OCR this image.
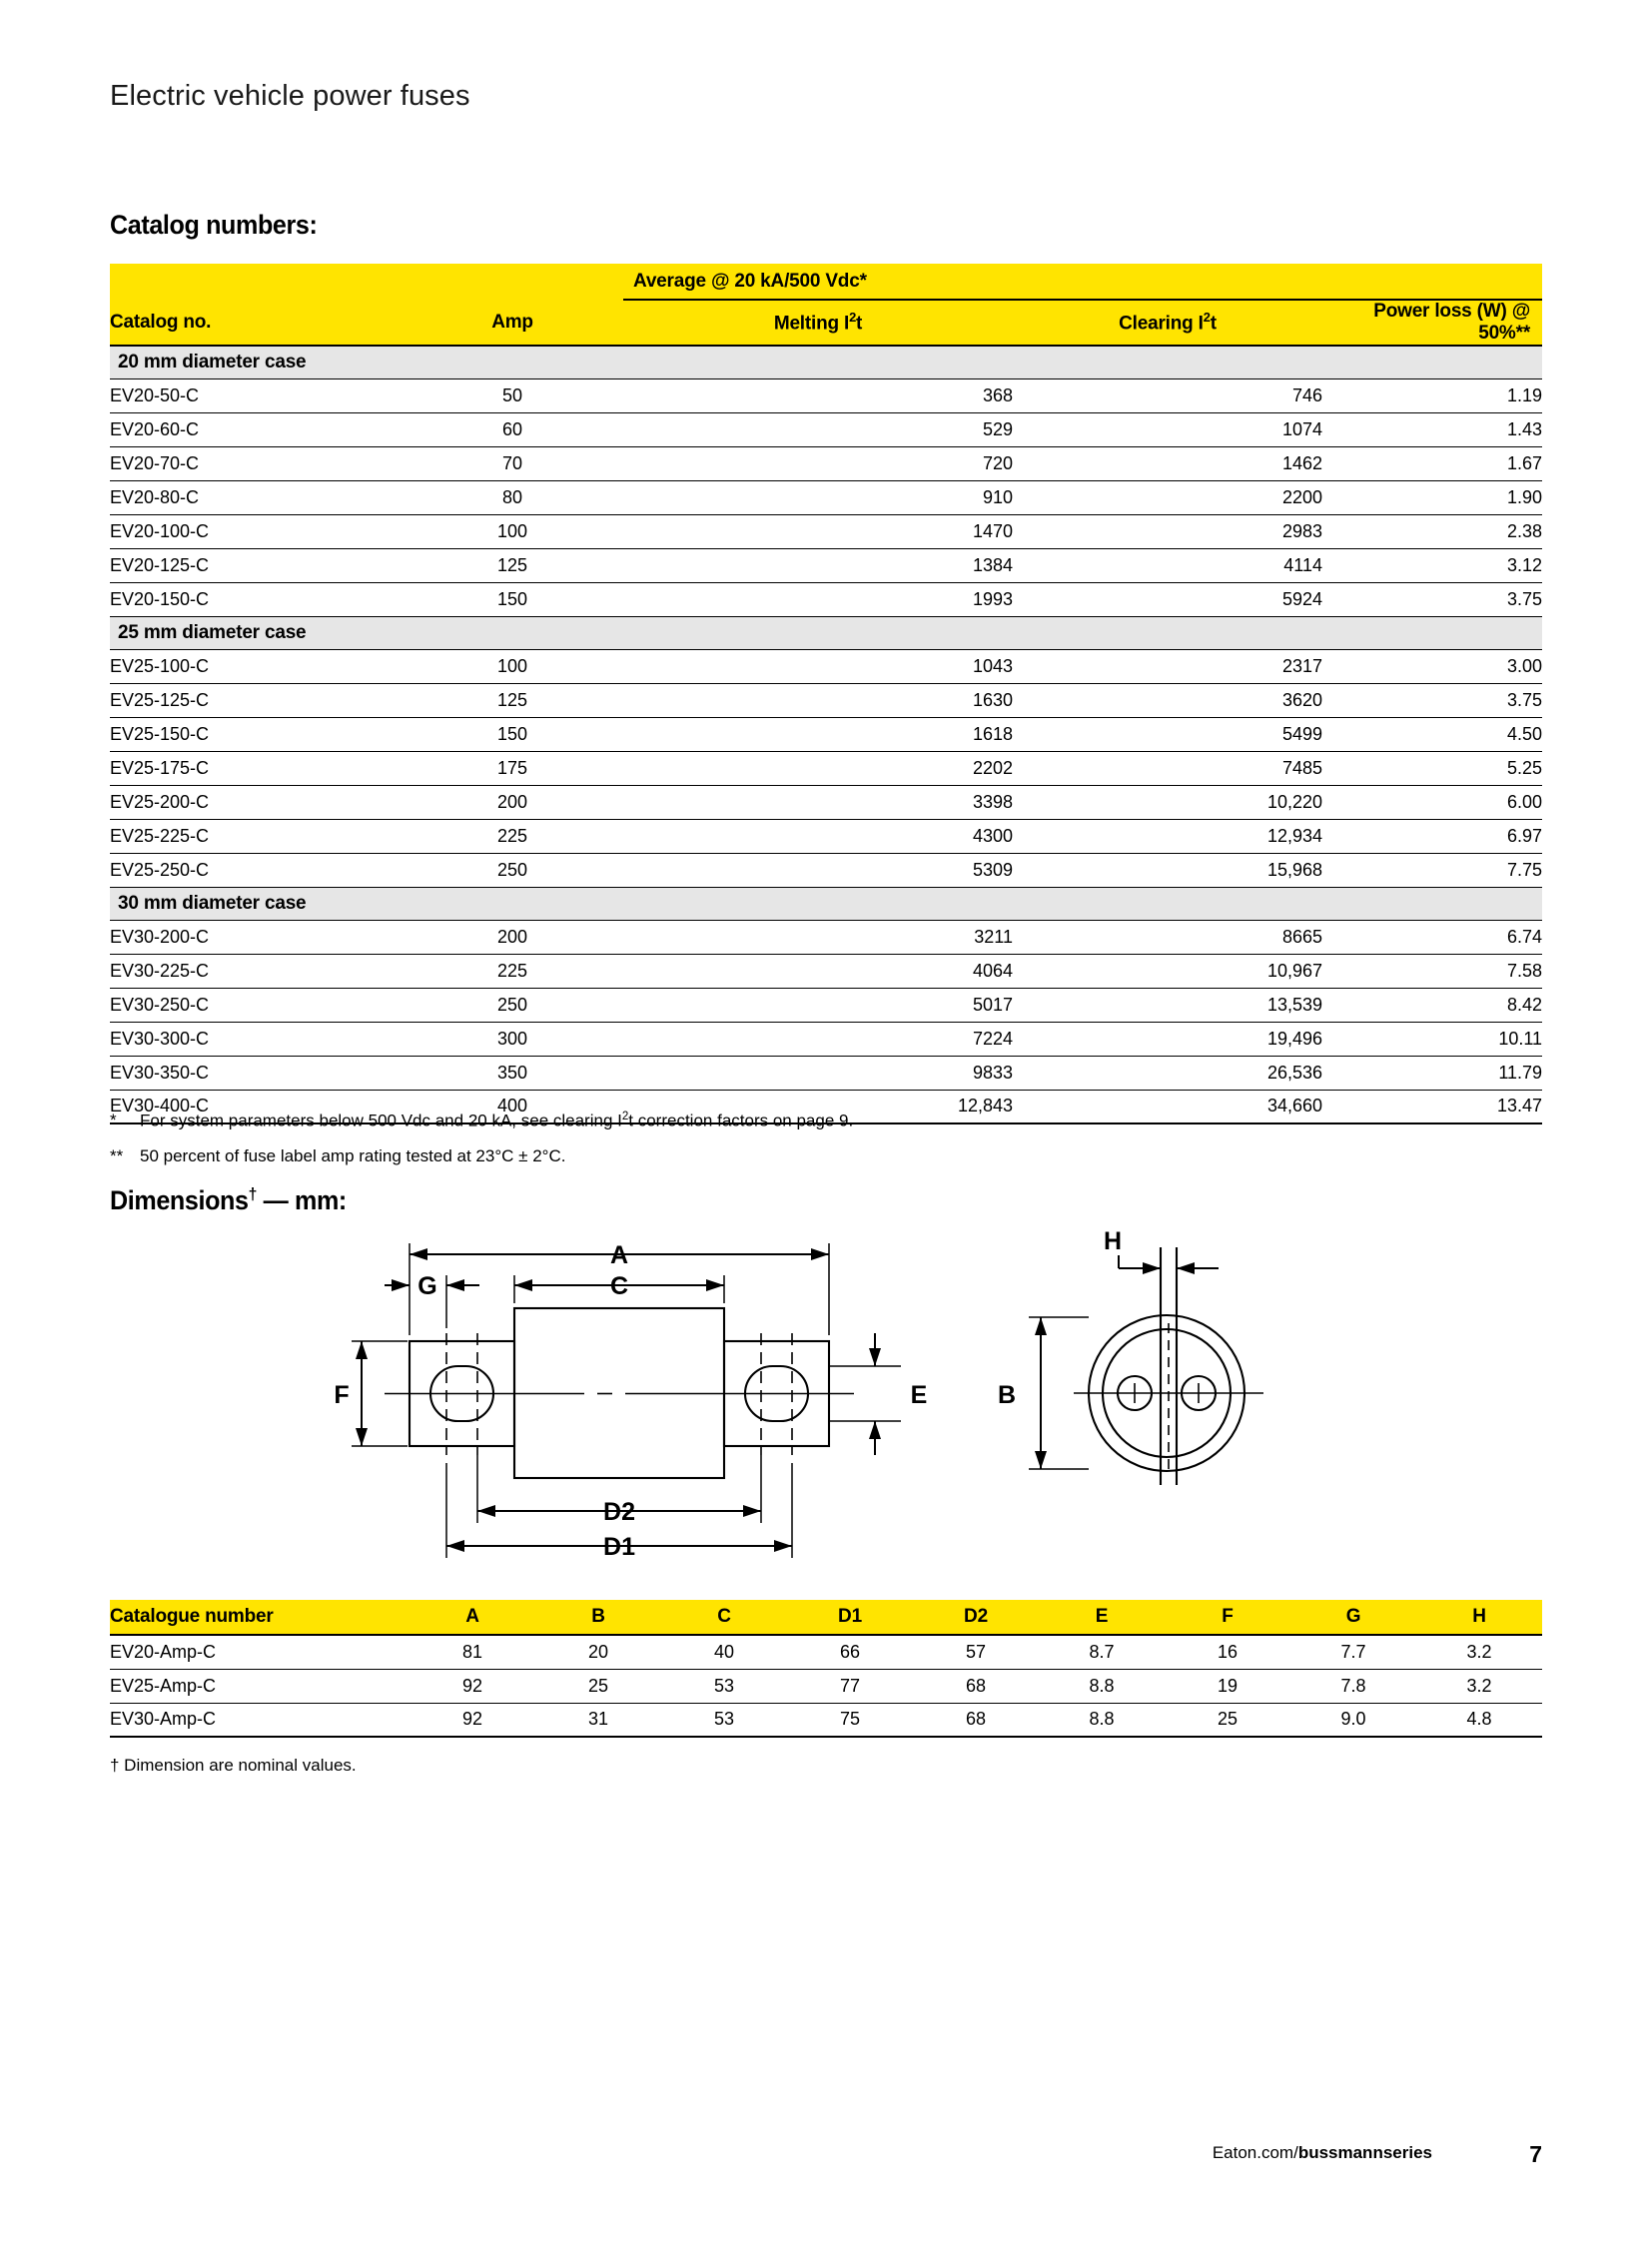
Electric vehicle power fuses
Catalog numbers:
		Average @ 20 kA/500 Vdc*		
Catalog no.	Amp	Melting $I^2t$	Clearing $I^2t$	Power loss (W) @ 50%**
20 mm diameter case				
EV20-50-C	50	368	746	1.19
EV20-60-C	60	529	1074	1.43
EV20-70-C	70	720	1462	1.67
EV20-80-C	80	910	2200	1.90
EV20-100-C	100	1470	2983	2.38
EV20-125-C	125	1384	4114	3.12
EV20-150-C	150	1993	5924	3.75
25 mm diameter case				
EV25-100-C	100	1043	2317	3.00
EV25-125-C	125	1630	3620	3.75
EV25-150-C	150	1618	5499	4.50
EV25-175-C	175	2202	7485	5.25
EV25-200-C	200	3398	10,220	6.00
EV25-225-C	225	4300	12,934	6.97
EV25-250-C	250	5309	15,968	7.75
30 mm diameter case				
EV30-200-C	200	3211	8665	6.74
EV30-225-C	225	4064	10,967	7.58
EV30-250-C	250	5017	13,539	8.42
EV30-300-C	300	7224	19,496	10.11
EV30-350-C	350	9833	26,536	11.79
EV30-400-C	400	12,843	34,660	13.47
* For system parameters below 500 Vdc and 20 kA, see clearing $I^2t$ correction factors on page 9.
** 50 percent of fuse label amp rating tested at 23°C ± 2°C.
Dimensions† — mm:
A
C
G
F
D2
D1
E	B
H
Catalogue number	A	B	C	D1	D2	E	F	G	H
EV20-Amp-C	81	20	40	66	57	8.7	16	7.7	3.2
EV25-Amp-C	92	25	53	77	68	8.8	19	7.8	3.2
EV30-Amp-C	92	31	53	75	68	8.8	25	9.0	4.8
† Dimension are nominal values.
Eaton.com/bussmannseries	7
